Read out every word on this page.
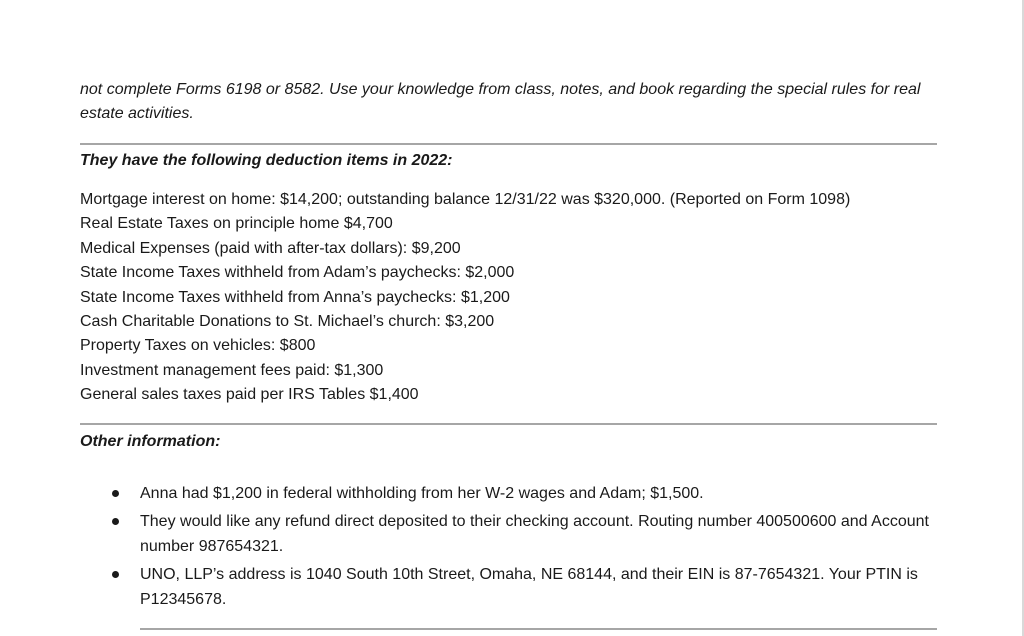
not complete Forms 6198 or 8582. Use your knowledge from class, notes, and book regarding the special rules for real estate activities.

They have the following deduction items in 2022:

Mortgage interest on home: $14,200; outstanding balance 12/31/22 was $320,000. (Reported on Form 1098)
Real Estate Taxes on principle home $4,700
Medical Expenses (paid with after-tax dollars): $9,200
State Income Taxes withheld from Adam’s paychecks: $2,000
State Income Taxes withheld from Anna’s paychecks: $1,200
Cash Charitable Donations to St. Michael’s church: $3,200
Property Taxes on vehicles: $800
Investment management fees paid: $1,300
General sales taxes paid per IRS Tables $1,400

Other information:

Anna had $1,200 in federal withholding from her W-2 wages and Adam; $1,500.
They would like any refund direct deposited to their checking account. Routing number 400500600 and Account number 987654321.
UNO, LLP’s address is 1040 South 10th Street, Omaha, NE 68144, and their EIN is 87-7654321. Your PTIN is P12345678.
